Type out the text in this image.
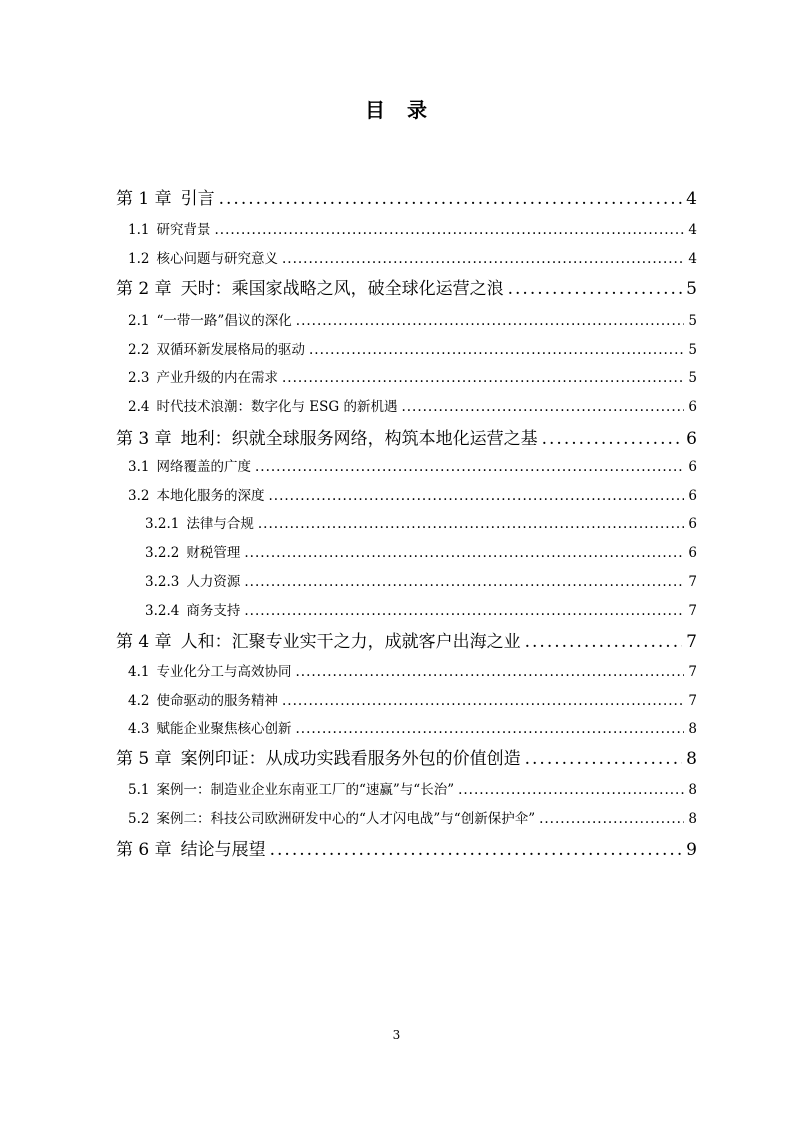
目　录
第 1 章 引言 .....	4
1.1 研究背景 .....	4
1.2 核心问题与研究意义 .....	4
第 2 章 天时：乘国家战略之风，破全球化运营之浪 .....	5
2.1 “一带一路”倡议的深化 .....	5
2.2 双循环新发展格局的驱动 .....	5
2.3 产业升级的内在需求 .....	5
2.4 时代技术浪潮：数字化与 ESG 的新机遇 .....	6
第 3 章 地利：织就全球服务网络，构筑本地化运营之基 .....	6
3.1 网络覆盖的广度 .....	6
3.2 本地化服务的深度 .....	6
3.2.1 法律与合规 .....	6
3.2.2 财税管理 .....	6
3.2.3 人力资源 .....	7
3.2.4 商务支持 .....	7
第 4 章 人和：汇聚专业实干之力，成就客户出海之业 .....	7
4.1 专业化分工与高效协同 .....	7
4.2 使命驱动的服务精神 .....	7
4.3 赋能企业聚焦核心创新 .....	8
第 5 章 案例印证：从成功实践看服务外包的价值创造 .....	8
5.1 案例一：制造业企业东南亚工厂的“速赢”与“长治” .....	8
5.2 案例二：科技公司欧洲研发中心的“人才闪电战”与“创新保护伞” .....	8
第 6 章 结论与展望 .....	9
3
